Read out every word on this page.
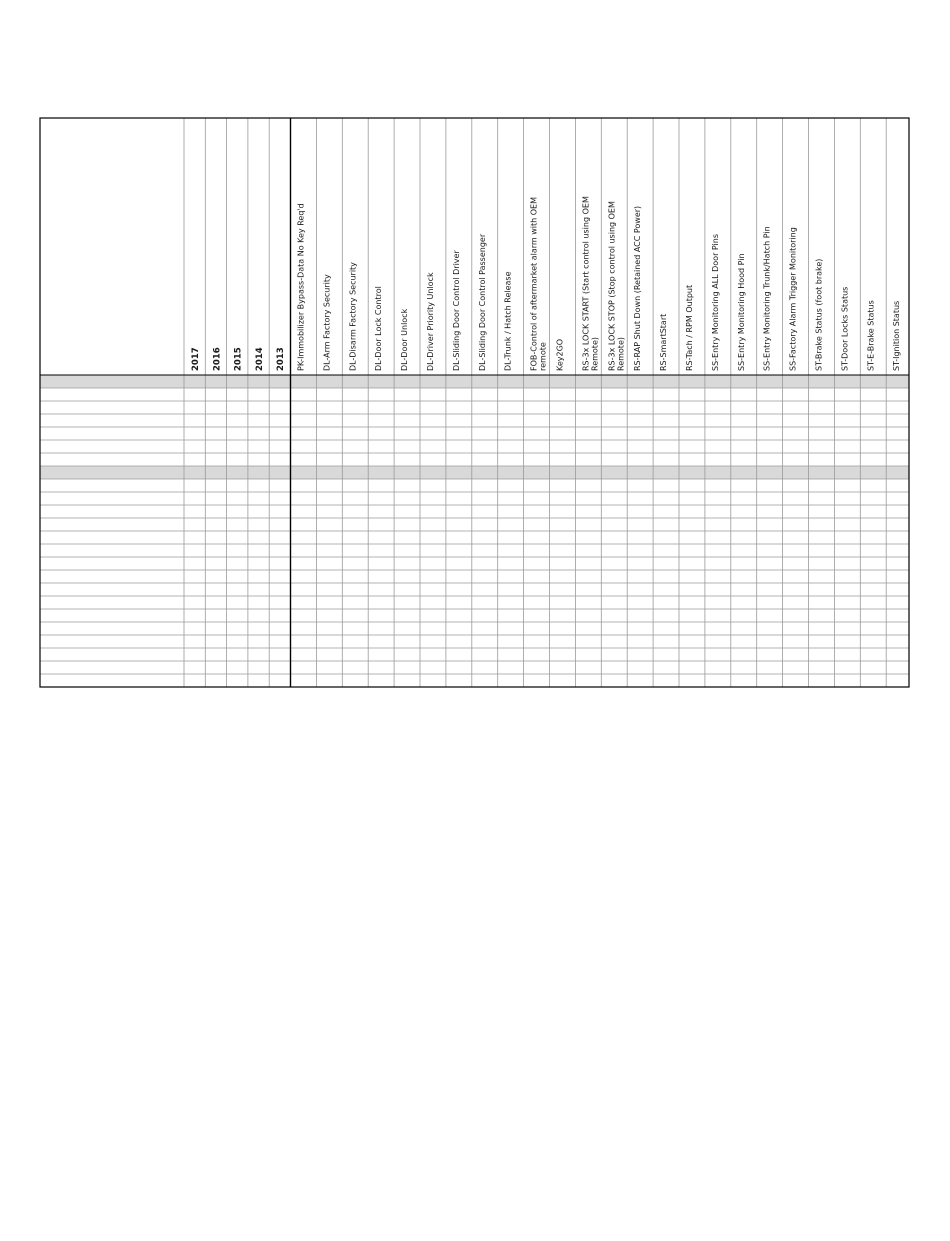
2017 2016 2015 2014 2013 PK-Immobilizer Bypass-Data No Key Req'd DL-Arm Factory Security DL-Disarm Factory Security DL-Door Lock Control DL-Door Unlock DL-Driver Priority Unlock DL-Sliding Door Control Driver DL-Sliding Door Control Passenger DL-Trunk / Hatch Release FOB-Control of aftermarket alarm with OEM remote Key2GO RS-3x LOCK START (Start control using OEM Remote) RS-3x LOCK STOP (Stop control using OEM Remote) RS-RAP Shut Down (Retained ACC Power) RS-SmartStart RS-Tach / RPM Output SS-Entry Monitoring ALL Door Pins SS-Entry Monitoring Hood Pin SS-Entry Monitoring Trunk/Hatch Pin SS-Factory Alarm Trigger Monitoring ST-Brake Status (foot brake) ST-Door Locks Status ST-E-Brake Status ST-Ignition Status
